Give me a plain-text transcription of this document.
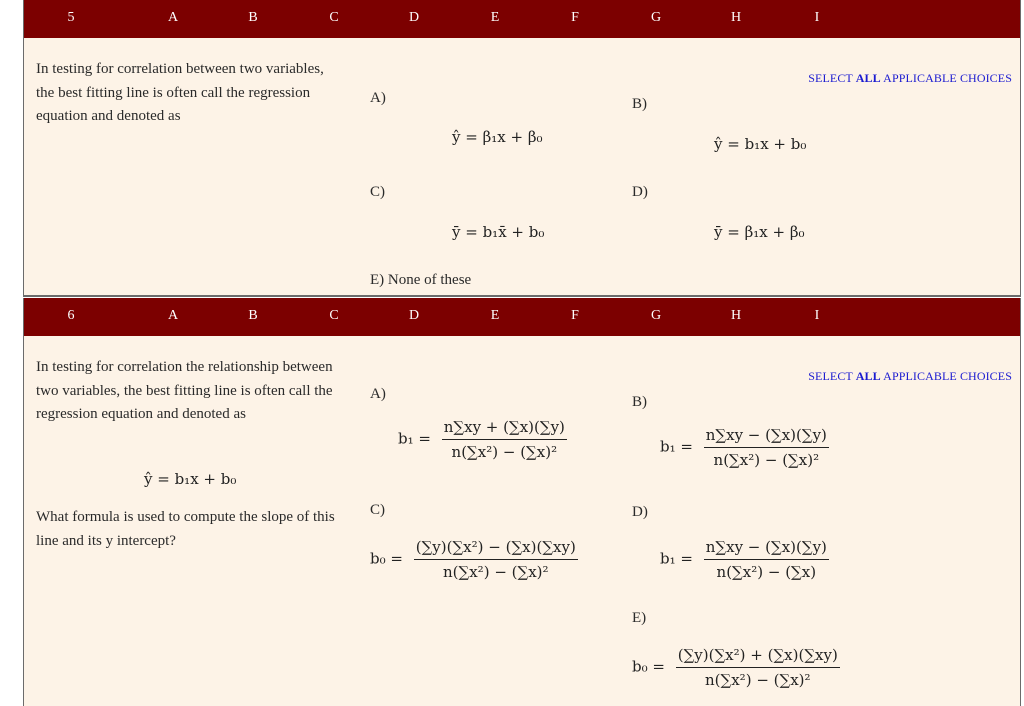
5	A	B	C	D	E	F	G	H	I
In testing for correlation between two variables, the best fitting line is often call the regression equation and denoted as
SELECT ALL APPLICABLE CHOICES
A)
ŷ = β₁x + β₀
B)
ŷ = b₁x + b₀
C)
ȳ = b₁x̄ + b₀
D)
ȳ = β₁x + β₀
E) None of these
6	A	B	C	D	E	F	G	H	I
In testing for correlation the relationship between two variables, the best fitting line is often call the regression equation and denoted as
ŷ = b₁x + b₀
What formula is used to compute the slope of this line and its y intercept?
SELECT ALL APPLICABLE CHOICES
A)
$b_1 = \frac{n\sum xy + (\sum x)(\sum y)}{\text{n(∑x²) − (∑x)²}}$
B)
$b_1 = \frac{n\sum xy - (\sum x)(\sum y)}{\text{n(∑x²) − (∑x)²}}$
C)
$b_0 = \frac{\text{(∑y)(∑x²) − (∑x)(∑xy)}}{\text{n(∑x²) − (∑x)²}}$
D)
$b_1 = \frac{n\sum xy - (\sum x)(\sum y)}{\text{n(∑x²) − (∑x)}}$
E)
$b_0 = \frac{\text{(∑y)(∑x²) + (∑x)(∑xy)}}{\text{n(∑x²) − (∑x)²}}$
